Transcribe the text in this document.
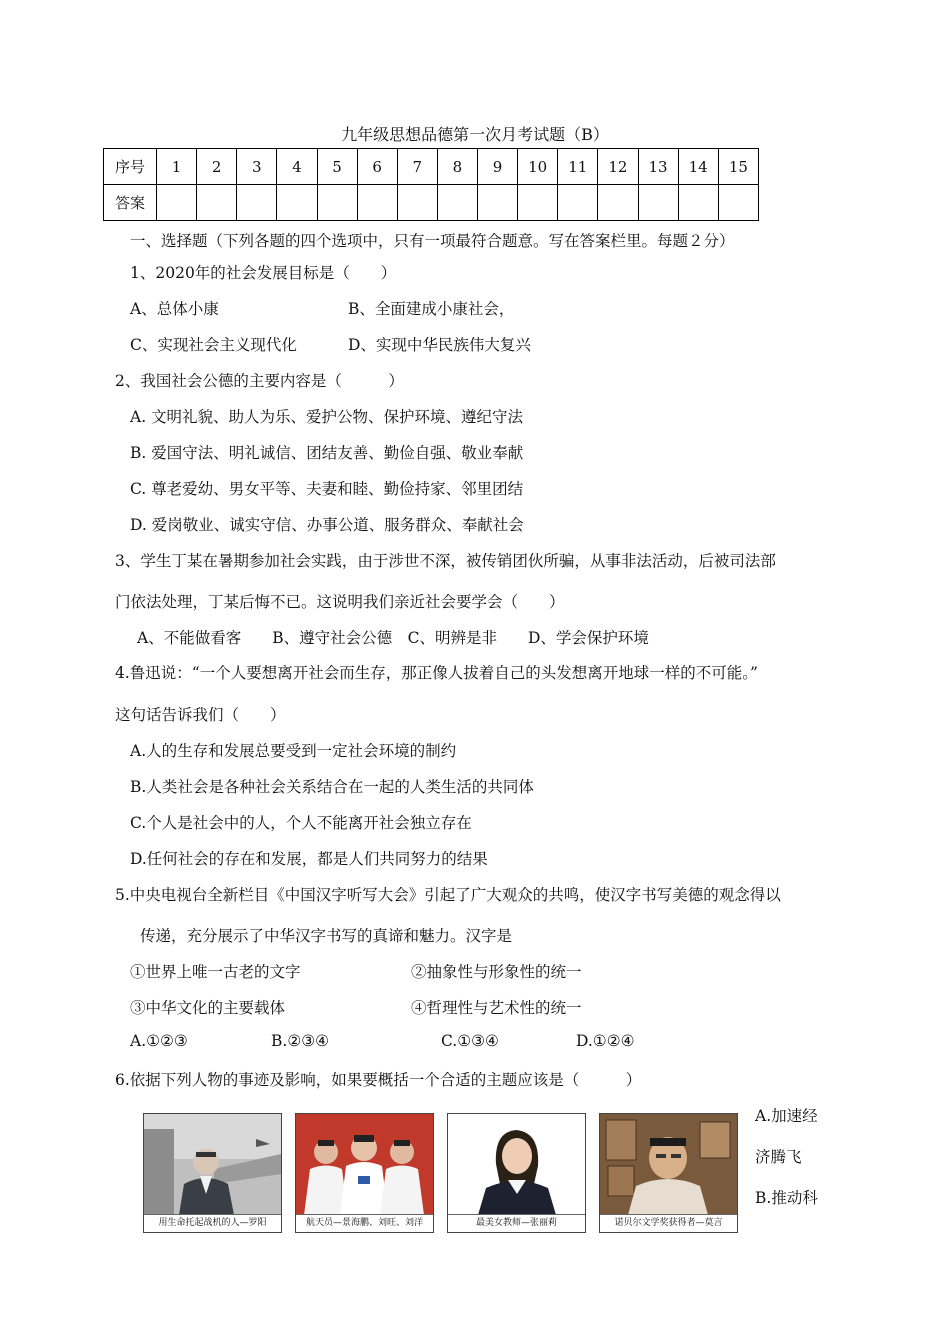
九年级思想品德第一次月考试题（B）
序号	1	2	3	4	5	6	7	8	9	10	11	12	13	14	15
答案															
一、选择题（下列各题的四个选项中，只有一项最符合题意。写在答案栏里。每题２分）
1、2020年的社会发展目标是（　　）
A、总体小康	B、全面建成小康社会，
C、实现社会主义现代化	D、实现中华民族伟大复兴
2、我国社会公德的主要内容是（　　　）
A. 文明礼貌、助人为乐、爱护公物、保护环境、遵纪守法
B. 爱国守法、明礼诚信、团结友善、勤俭自强、敬业奉献
C. 尊老爱幼、男女平等、夫妻和睦、勤俭持家、邻里团结
D. 爱岗敬业、诚实守信、办事公道、服务群众、奉献社会
3、学生丁某在暑期参加社会实践，由于涉世不深，被传销团伙所骗，从事非法活动，后被司法部
门依法处理，丁某后悔不已。这说明我们亲近社会要学会（　　）
A、不能做看客　　B、遵守社会公德　C、明辨是非　　D、学会保护环境
4.鲁迅说：“一个人要想离开社会而生存，那正像人拔着自己的头发想离开地球一样的不可能。”
这句话告诉我们（　　）
A.人的生存和发展总要受到一定社会环境的制约
B.人类社会是各种社会关系结合在一起的人类生活的共同体
C.个人是社会中的人，个人不能离开社会独立存在
D.任何社会的存在和发展，都是人们共同努力的结果
5.中央电视台全新栏目《中国汉字听写大会》引起了广大观众的共鸣，使汉字书写美德的观念得以
传递，充分展示了中华汉字书写的真谛和魅力。汉字是
①世界上唯一古老的文字	②抽象性与形象性的统一
③中华文化的主要载体	④哲理性与艺术性的统一
A.①②③	B.②③④	C.①③④	D.①②④
6.依据下列人物的事迹及影响，如果要概括一个合适的主题应该是（　　　）
A.加速经
济腾飞
B.推动科
用生命托起战机的人—罗阳	航天员—景海鹏、刘旺、刘洋	最美女教师—张丽莉	诺贝尔文学奖获得者—莫言
